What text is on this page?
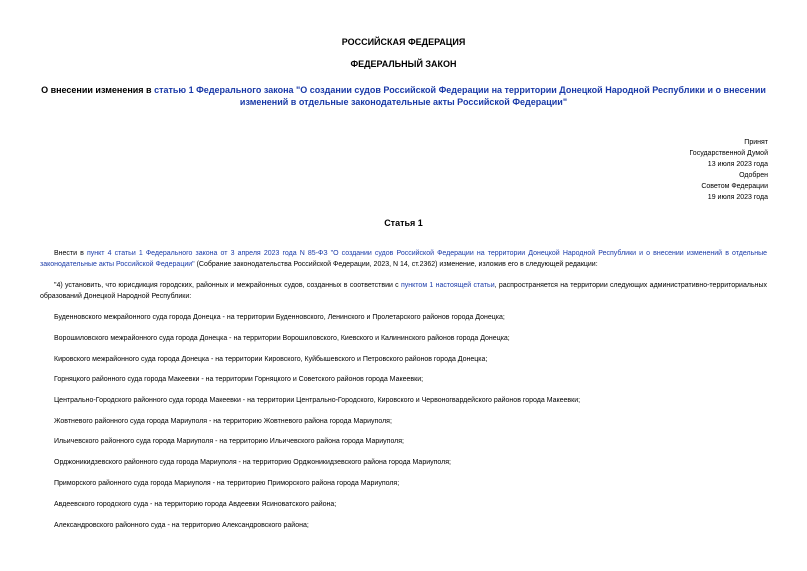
РОССИЙСКАЯ ФЕДЕРАЦИЯ
ФЕДЕРАЛЬНЫЙ ЗАКОН
О внесении изменения в статью 1 Федерального закона "О создании судов Российской Федерации на территории Донецкой Народной Республики и о внесении изменений в отдельные законодательные акты Российской Федерации"
Принят
Государственной Думой
13 июля 2023 года
Одобрен
Советом Федерации
19 июля 2023 года
Статья 1
Внести в пункт 4 статьи 1 Федерального закона от 3 апреля 2023 года N 85-ФЗ "О создании судов Российской Федерации на территории Донецкой Народной Республики и о внесении изменений в отдельные законодательные акты Российской Федерации" (Собрание законодательства Российской Федерации, 2023, N 14, ст.2362) изменение, изложив его в следующей редакции:
"4) установить, что юрисдикция городских, районных и межрайонных судов, созданных в соответствии с пунктом 1 настоящей статьи, распространяется на территории следующих административно-территориальных образований Донецкой Народной Республики:
Буденновского межрайонного суда города Донецка - на территории Буденновского, Ленинского и Пролетарского районов города Донецка;
Ворошиловского межрайонного суда города Донецка - на территории Ворошиловского, Киевского и Калининского районов города Донецка;
Кировского межрайонного суда города Донецка - на территории Кировского, Куйбышевского и Петровского районов города Донецка;
Горняцкого районного суда города Макеевки - на территории Горняцкого и Советского районов города Макеевки;
Центрально-Городского районного суда города Макеевки - на территории Центрально-Городского, Кировского и Червоногвардейского районов города Макеевки;
Жовтневого районного суда города Мариуполя - на территорию Жовтневого района города Мариуполя;
Ильичевского районного суда города Мариуполя - на территорию Ильичевского района города Мариуполя;
Орджоникидзевского районного суда города Мариуполя - на территорию Орджоникидзевского района города Мариуполя;
Приморского районного суда города Мариуполя - на территорию Приморского района города Мариуполя;
Авдеевского городского суда - на территорию города Авдеевки Ясиноватского района;
Александровского районного суда - на территорию Александровского района;
